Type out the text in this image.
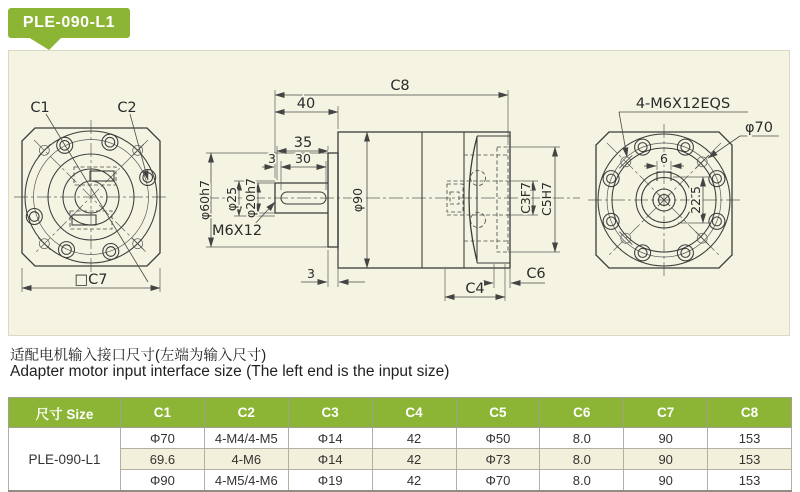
PLE-090-L1
C1	C2
□C7
C8
40
35
3 30
φ60h7 φ25 φ20h7
M6X12
φ90
3
C4
C6
C3F7 C5H7
4-M6X12EQS
φ70
6
22.5
适配电机输入接口尺寸(左端为输入尺寸)
Adapter motor input interface size (The left end is the input size)
尺寸 Size	C1	C2	C3	C4	C5	C6	C7	C8
PLE-090-L1	Φ70	4-M4/4-M5	Φ14	42	Φ50	8.0	90	153
	69.6	4-M6	Φ14	42	Φ73	8.0	90	153
	Φ90	4-M5/4-M6	Φ19	42	Φ70	8.0	90	153
